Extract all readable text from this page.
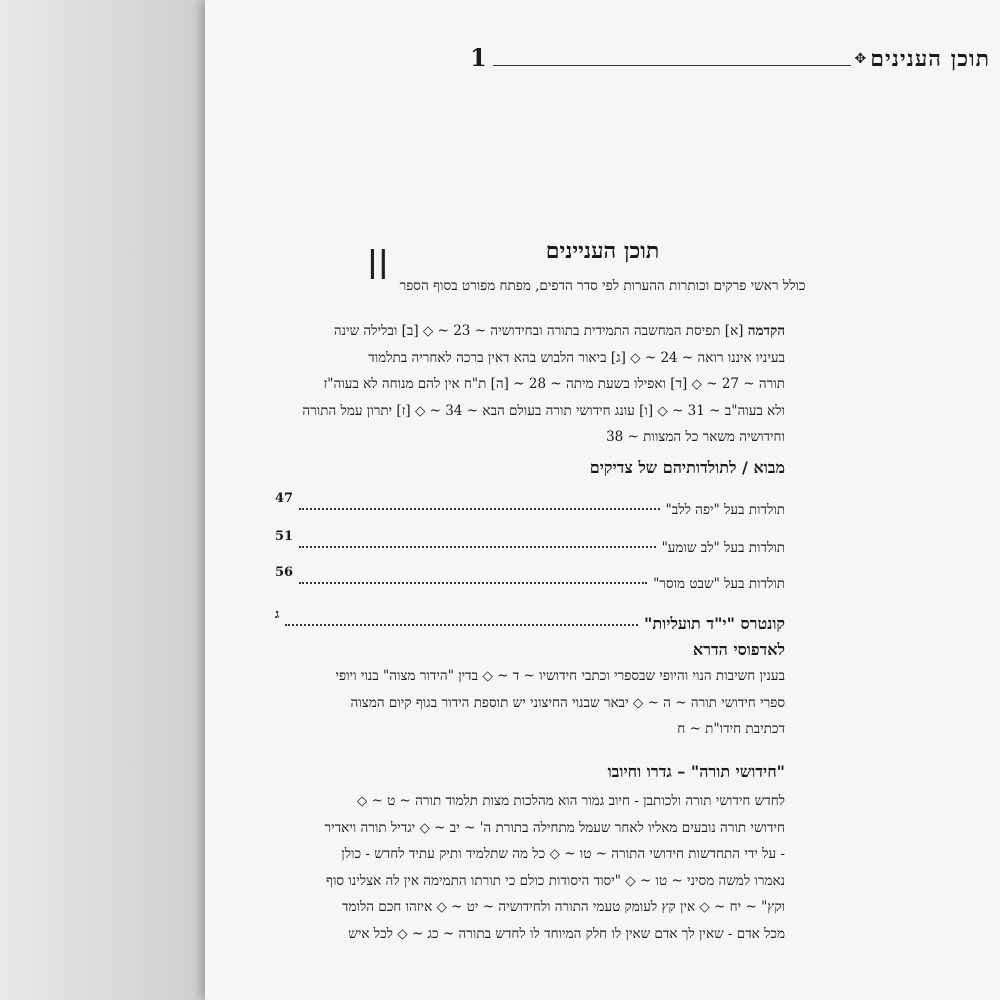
תוכן הענינים
✥
1
||	תוכן העניינים
כולל ראשי פרקים וכותרות ההערות לפי סדר הדפים, מפתח מפורט בסוף הספר
הקדמה [א] תפיסת המחשבה התמידית בתורה ובחידושיה ~ 23 ~ ◇ [ב] ובלילה שינה
בעיניו איננו רואה ~ 24 ~ ◇ [ג] ביאור הלבוש בהא דאין ברכה לאחריה בתלמוד
תורה ~ 27 ~ ◇ [ד] ואפילו בשעת מיתה ~ 28 ~ [ה] ת"ח אין להם מנוחה לא בעוה"ז
ולא בעוה"ב ~ 31 ~ ◇ [ו] עונג חידושי תורה בעולם הבא ~ 34 ~ ◇ [ז] יתרון עמל התורה
וחידושיה משאר כל המצוות ~ 38
מבוא / לתולדותיהם של צדיקים
תולדות בעל "יפה ללב"
47
תולדות בעל "לב שומע"
51
תולדות בעל "שבט מוסר"
56
קונטרס "י"ד תועליות"
ג
לאדפוסי הדרא
בענין חשיבות הנוי והיופי שבספרי וכתבי חידושיו ~ ד ~ ◇ בדין "הידור מצוה" בנוי ויופי
ספרי חידושי תורה ~ ה ~ ◇ יבאר שבנוי החיצוני יש תוספת הידור בגוף קיום המצוה
דכתיבת חידו"ת ~ ח
"חידושי תורה" – גדרו וחיובו
לחדש חידושי תורה ולכותבן - חיוב גמור הוא מהלכות מצות תלמוד תורה ~ ט ~ ◇
חידושי תורה נובעים מאליו לאחר שעמל מתחילה בתורת ה' ~ יב ~ ◇ יגדיל תורה ויאדיר
- על ידי התחדשות חידושי התורה ~ טו ~ ◇ כל מה שתלמיד ותיק עתיד לחדש - כולן
נאמרו למשה מסיני ~ טו ~ ◇ "יסוד היסודות כולם כי תורתו התמימה אין לה אצלינו סוף
וקץ" ~ יח ~ ◇ אין קץ לעומק טעמי התורה ולחידושיה ~ יט ~ ◇ איזהו חכם הלומד
מכל אדם - שאין לך אדם שאין לו חלק המיוחד לו לחדש בתורה ~ כג ~ ◇ לכל איש
